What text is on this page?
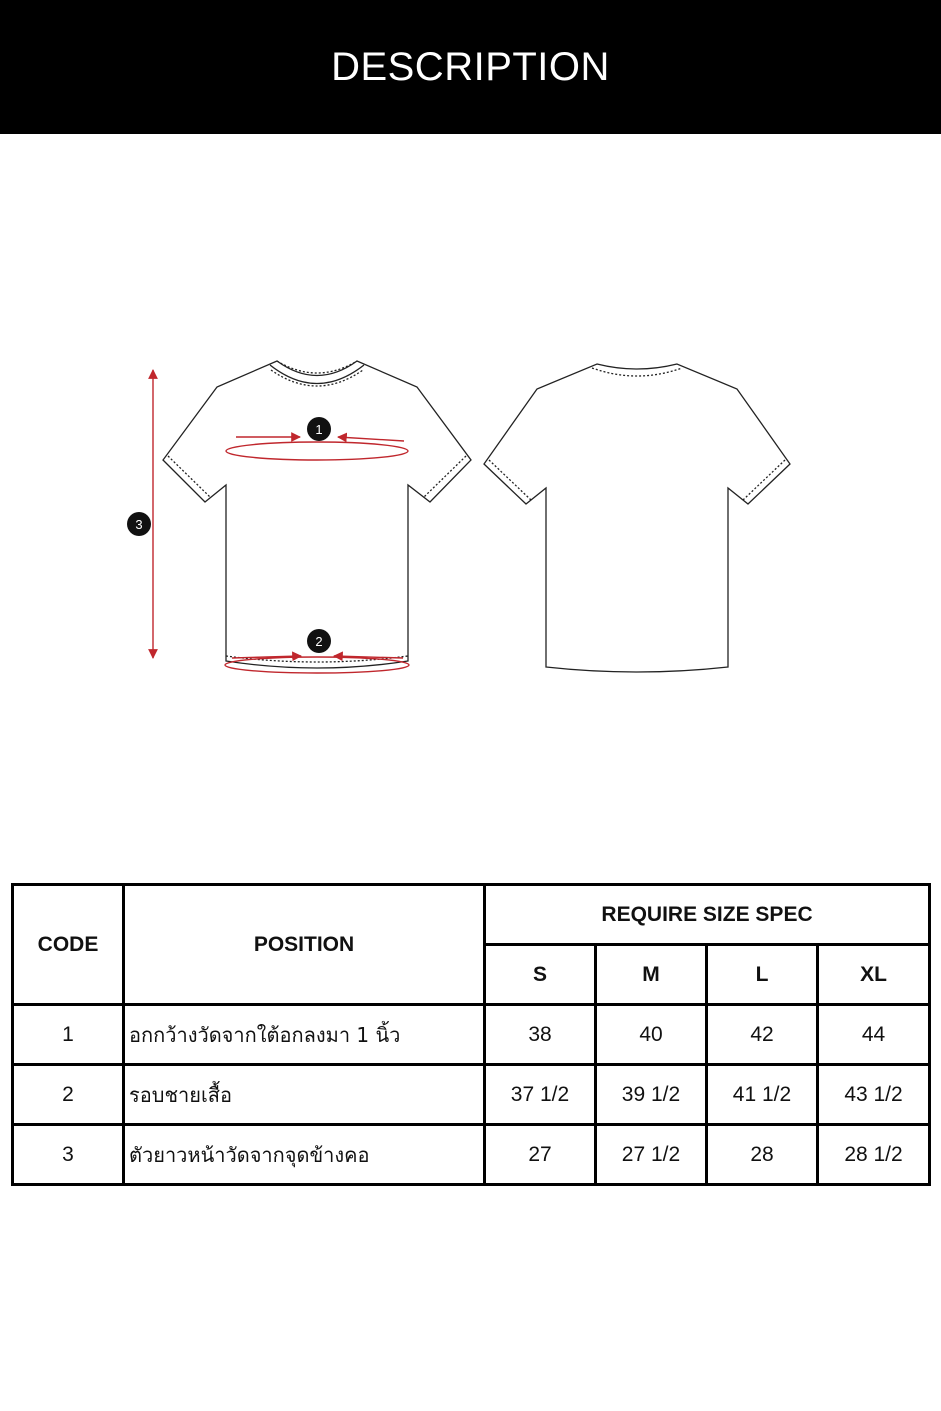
DESCRIPTION
1
2
3
CODE	POSITION	REQUIRE SIZE SPEC			
		S	M	L	XL
1	อกกว้างวัดจากใต้อกลงมา 1 นิ้ว	38	40	42	44
2	รอบชายเสื้อ	37 1/2	39 1/2	41 1/2	43 1/2
3	ตัวยาวหน้าวัดจากจุดข้างคอ	27	27 1/2	28	28 1/2
